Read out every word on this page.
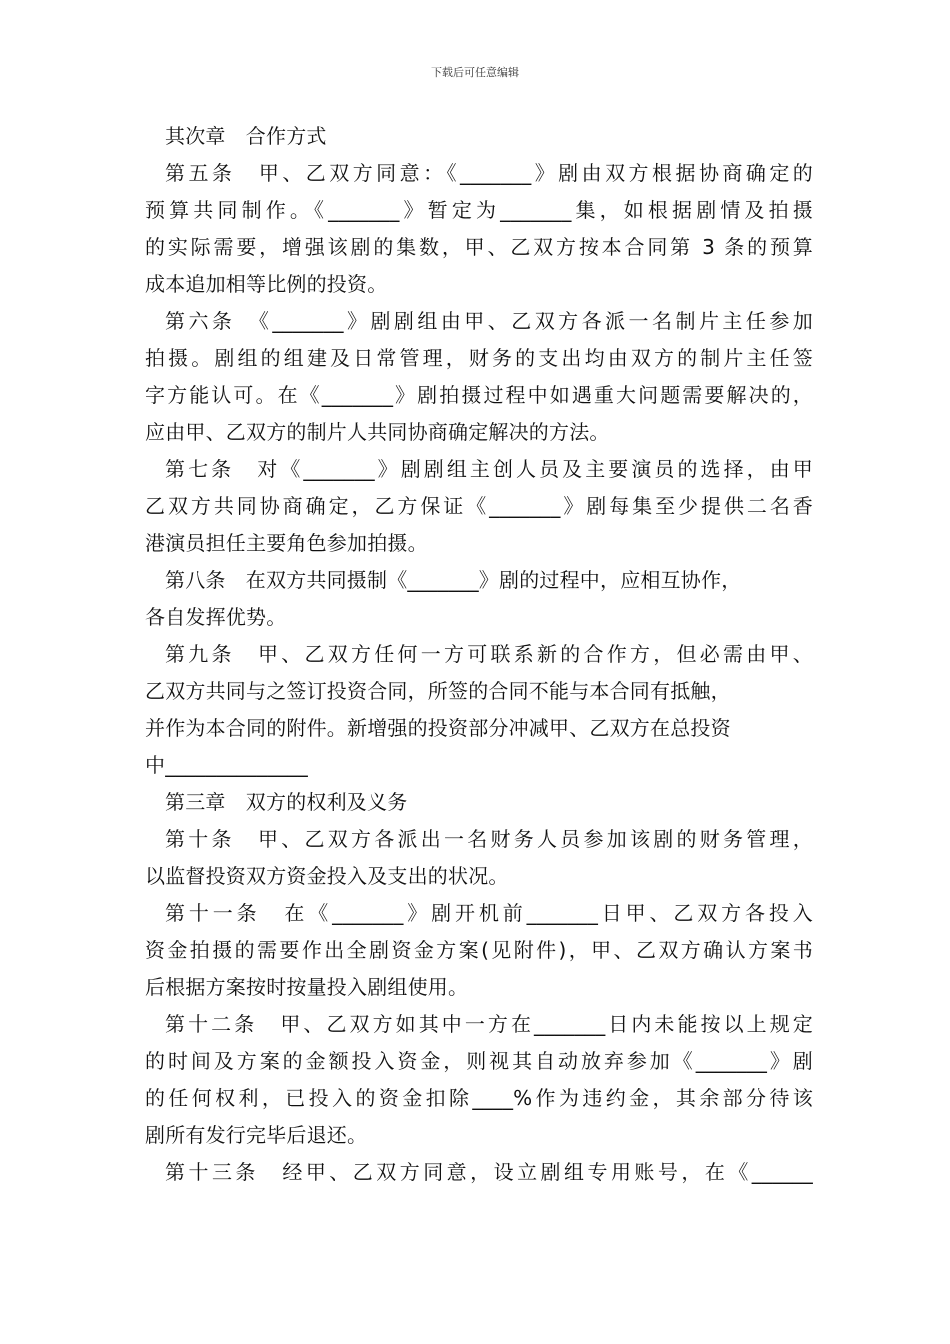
下载后可任意编辑
其次章　合作方式
第五条　甲、乙双方同意：《_______》剧由双方根据协商确定的
预算共同制作。《_______》暂定为_______集，如根据剧情及拍摄
的实际需要，增强该剧的集数，甲、乙双方按本合同第 3 条的预算
成本追加相等比例的投资。
第六条　《_______》剧剧组由甲、乙双方各派一名制片主任参加
拍摄。剧组的组建及日常管理，财务的支出均由双方的制片主任签
字方能认可。在《_______》剧拍摄过程中如遇重大问题需要解决的，
应由甲、乙双方的制片人共同协商确定解决的方法。
第七条　对《_______》剧剧组主创人员及主要演员的选择，由甲
乙双方共同协商确定，乙方保证《_______》剧每集至少提供二名香
港演员担任主要角色参加拍摄。
第八条　在双方共同摄制《_______》剧的过程中，应相互协作，
各自发挥优势。
第九条　甲、乙双方任何一方可联系新的合作方，但必需由甲、
乙双方共同与之签订投资合同，所签的合同不能与本合同有抵触，
并作为本合同的附件。新增强的投资部分冲减甲、乙双方在总投资
中______________
第三章　双方的权利及义务
第十条　甲、乙双方各派出一名财务人员参加该剧的财务管理，
以监督投资双方资金投入及支出的状况。
第十一条　在《_______》剧开机前_______日甲、乙双方各投入
资金拍摄的需要作出全剧资金方案(见附件)，甲、乙双方确认方案书
后根据方案按时按量投入剧组使用。
第十二条　甲、乙双方如其中一方在_______日内未能按以上规定
的时间及方案的金额投入资金，则视其自动放弃参加《_______》剧
的任何权利，已投入的资金扣除____%作为违约金，其余部分待该
剧所有发行完毕后退还。
第十三条　经甲、乙双方同意，设立剧组专用账号，在《______
